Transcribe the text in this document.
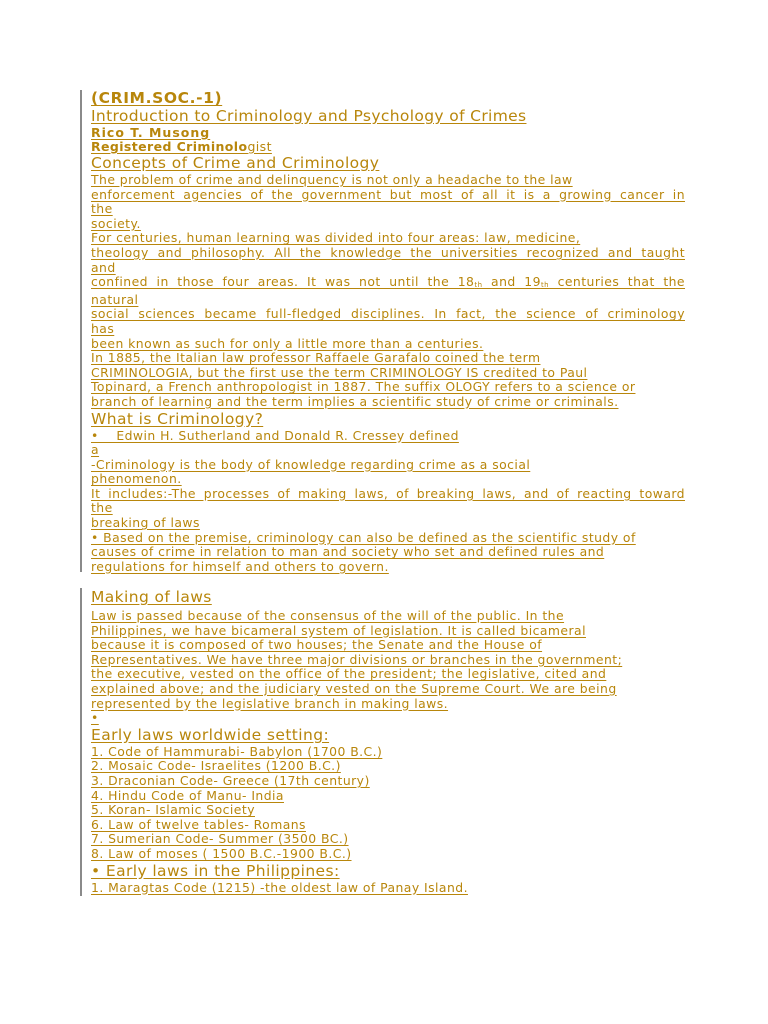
(CRIM.SOC.-1)
Introduction to Criminology and Psychology of Crimes
Rico T. Musong
Registered Criminologist
Concepts of Crime and Criminology
The problem of crime and delinquency is not only a headache to the law
enforcement agencies of the government but most of all it is a growing cancer in
the
society.
For centuries, human learning was divided into four areas: law, medicine,
theology and philosophy. All the knowledge the universities recognized and taught
and
confined in those four areas. It was not until the $18_{th}$ and $19_{th}$ centuries that the
natural
social sciences became full-fledged disciplines. In fact, the science of criminology
has
been known as such for only a little more than a centuries.
In 1885, the Italian law professor Raffaele Garafalo coined the term
CRIMINOLOGIA, but the first use the term CRIMINOLOGY IS credited to Paul
Topinard, a French anthropologist in 1887. The suffix OLOGY refers to a science or
branch of learning and the term implies a scientific study of crime or criminals.
What is Criminology?
•    Edwin H. Sutherland and Donald R. Cressey defined
a
-Criminology is the body of knowledge regarding crime as a social
phenomenon.
It includes:-The processes of making laws, of breaking laws, and of reacting toward
the
breaking of laws
• Based on the premise, criminology can also be defined as the scientific study of
causes of crime in relation to man and society who set and defined rules and
regulations for himself and others to govern.
Making of laws
Law is passed because of the consensus of the will of the public. In the
Philippines, we have bicameral system of legislation. It is called bicameral
because it is composed of two houses; the Senate and the House of
Representatives. We have three major divisions or branches in the government;
the executive, vested on the office of the president; the legislative, cited and
explained above; and the judiciary vested on the Supreme Court. We are being
represented by the legislative branch in making laws.
•
Early laws worldwide setting:
1. Code of Hammurabi- Babylon (1700 B.C.)
2. Mosaic Code- Israelites (1200 B.C.)
3. Draconian Code- Greece (17th century)
4. Hindu Code of Manu- India
5. Koran- Islamic Society
6. Law of twelve tables- Romans
7. Sumerian Code- Summer (3500 BC.)
8. Law of moses ( 1500 B.C.-1900 B.C.)
• Early laws in the Philippines:
1. Maragtas Code (1215) -the oldest law of Panay Island.
